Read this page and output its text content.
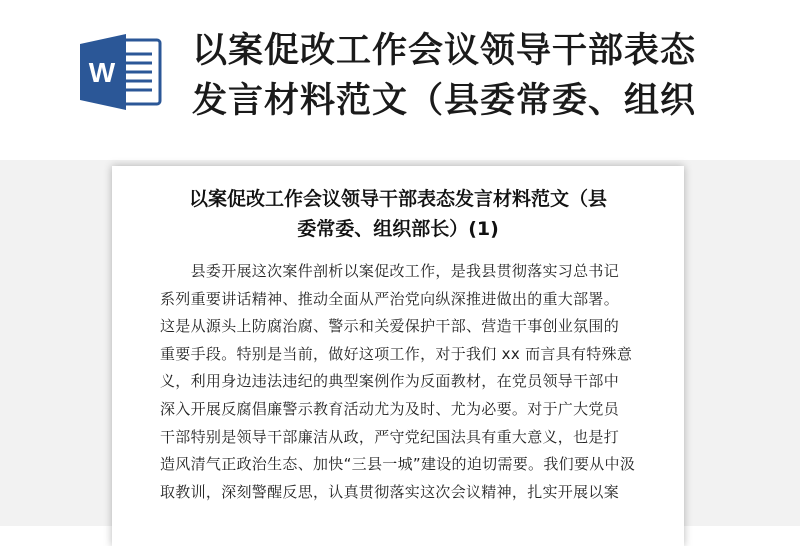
W
以案促改工作会议领导干部表态
发言材料范文（县委常委、组织
以案促改工作会议领导干部表态发言材料范文（县
委常委、组织部长）(1)
　　县委开展这次案件剖析以案促改工作，是我县贯彻落实习总书记
系列重要讲话精神、推动全面从严治党向纵深推进做出的重大部署。
这是从源头上防腐治腐、警示和关爱保护干部、营造干事创业氛围的
重要手段。特别是当前，做好这项工作，对于我们 xx 而言具有特殊意
义，利用身边违法违纪的典型案例作为反面教材，在党员领导干部中
深入开展反腐倡廉警示教育活动尤为及时、尤为必要。对于广大党员
干部特别是领导干部廉洁从政，严守党纪国法具有重大意义，也是打
造风清气正政治生态、加快“三县一城”建设的迫切需要。我们要从中汲
取教训，深刻警醒反思，认真贯彻落实这次会议精神，扎实开展以案
